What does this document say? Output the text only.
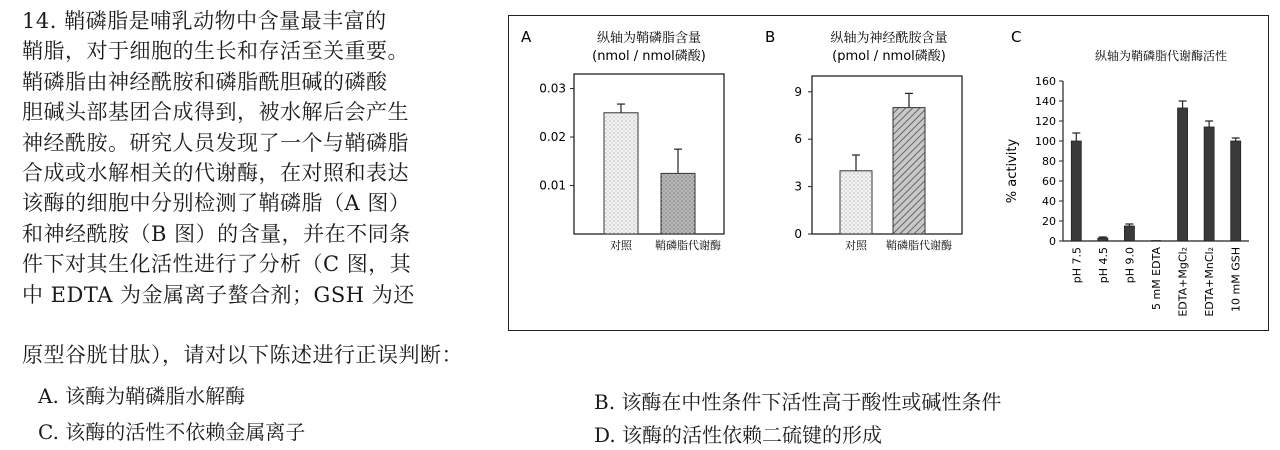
14. 鞘磷脂是哺乳动物中含量最丰富的
鞘脂，对于细胞的生长和存活至关重要。
鞘磷脂由神经酰胺和磷脂酰胆碱的磷酸
胆碱头部基团合成得到，被水解后会产生
神经酰胺。研究人员发现了一个与鞘磷脂
合成或水解相关的代谢酶，在对照和表达
该酶的细胞中分别检测了鞘磷脂（A 图）
和神经酰胺（B 图）的含量，并在不同条
件下对其生化活性进行了分析（C 图，其
中 EDTA 为金属离子螯合剂；GSH 为还
原型谷胱甘肽），请对以下陈述进行正误判断：
A. 该酶为鞘磷脂水解酶	B. 该酶在中性条件下活性高于酸性或碱性条件
C. 该酶的活性不依赖金属离子	D. 该酶的活性依赖二硫键的形成
A	纵轴为鞘磷脂含量
(nmol / nmol磷酸)
0.01
0.02
0.03
对照 鞘磷脂代谢酶
B	纵轴为神经酰胺含量
(pmol / nmol磷酸)
0
3
6
9
对照 鞘磷脂代谢酶
C
纵轴为鞘磷脂代谢酶活性
% activity
0
20
40
60
80
100
120
140
160
pH 7.5 pH 4.5 pH 9.0 5 mM EDTA EDTA+MgCl₂ EDTA+MnCl₂ 10 mM GSH
